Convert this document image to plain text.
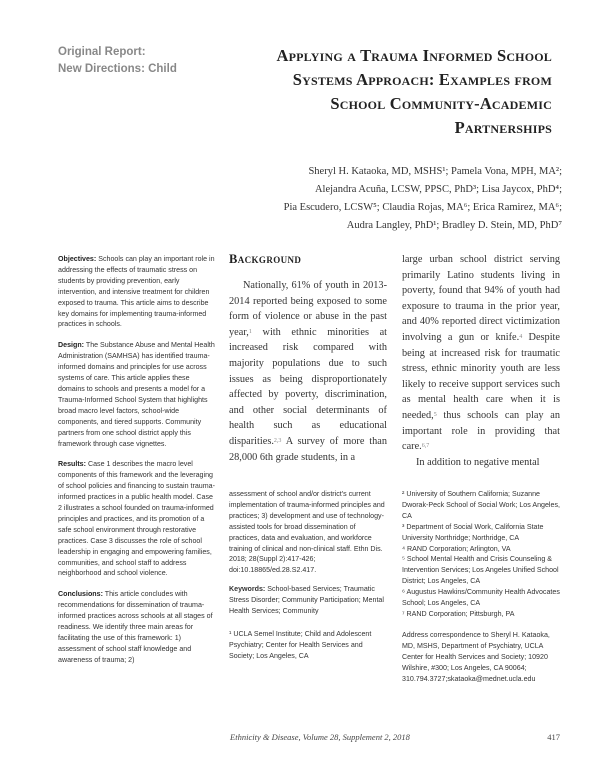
Original Report:
New Directions: Child
Applying a Trauma Informed School
Systems Approach: Examples from
School Community-Academic
Partnerships
Sheryl H. Kataoka, MD, MSHS¹; Pamela Vona, MPH, MA²;
Alejandra Acuña, LCSW, PPSC, PhD³; Lisa Jaycox, PhD⁴;
Pia Escudero, LCSW⁵; Claudia Rojas, MA⁶; Erica Ramirez, MA⁶;
Audra Langley, PhD¹; Bradley D. Stein, MD, PhD⁷

Objectives: Schools can play an important role in addressing the effects of traumatic stress on students by providing prevention, early intervention, and intensive treatment for children exposed to trauma. This article aims to describe key domains for implementing trauma-informed practices in schools.

Design: The Substance Abuse and Mental Health Administration (SAMHSA) has identified trauma-informed domains and principles for use across systems of care. This article applies these domains to schools and presents a model for a Trauma-Informed School System that highlights broad macro level factors, school-wide components, and tiered supports. Community partners from one school district apply this framework through case vignettes.

Results: Case 1 describes the macro level components of this framework and the leveraging of school policies and financing to sustain trauma-informed practices in a public health model. Case 2 illustrates a school founded on trauma-informed principles and practices, and its promotion of a safe school environment through restorative practices. Case 3 discusses the role of school leadership in engaging and empowering families, communities, and school staff to address neighborhood and school violence.

Conclusions: This article concludes with recommendations for dissemination of trauma-informed practices across schools at all stages of readiness. We identify three main areas for facilitating the use of this framework: 1) assessment of school staff knowledge and awareness of trauma; 2)

Background

Nationally, 61% of youth in 2013-2014 reported being exposed to some form of violence or abuse in the past year,$^1$ with ethnic minorities at increased risk compared with majority populations due to such issues as being disproportionately affected by poverty, discrimination, and other social determinants of health such as educational disparities.$^{2,3}$ A survey of more than 28,000 6th grade students, in a

large urban school district serving primarily Latino students living in poverty, found that 94% of youth had exposure to trauma in the prior year, and 40% reported direct victimization involving a gun or knife.$^4$ Despite being at increased risk for traumatic stress, ethnic minority youth are less likely to receive support services such as mental health care when it is needed,$^5$ thus schools can play an important role in providing that care.$^{6,7}$

In addition to negative mental

assessment of school and/or district's current implementation of trauma-informed principles and practices; 3) development and use of technology-assisted tools for broad dissemination of practices, data and evaluation, and workforce training of clinical and non-clinical staff. Ethn Dis. 2018; 28(Suppl 2):417-426; doi:10.18865/ed.28.S2.417.

Keywords: School-based Services; Traumatic Stress Disorder; Community Participation; Mental Health Services; Community

¹ UCLA Semel Institute; Child and Adolescent Psychiatry; Center for Health Services and Society; Los Angeles, CA

² University of Southern California; Suzanne Dworak-Peck School of Social Work; Los Angeles, CA
³ Department of Social Work, California State University Northridge; Northridge, CA
⁴ RAND Corporation; Arlington, VA
⁵ School Mental Health and Crisis Counseling & Intervention Services; Los Angeles Unified School District; Los Angeles, CA
⁶ Augustus Hawkins/Community Health Advocates School; Los Angeles, CA
⁷ RAND Corporation; Pittsburgh, PA

Address correspondence to Sheryl H. Kataoka, MD, MSHS, Department of Psychiatry, UCLA Center for Health Services and Society; 10920 Wilshire, #300; Los Angeles, CA 90064; 310.794.3727;skataoka@mednet.ucla.edu

Ethnicity & Disease, Volume 28, Supplement 2, 2018	417
